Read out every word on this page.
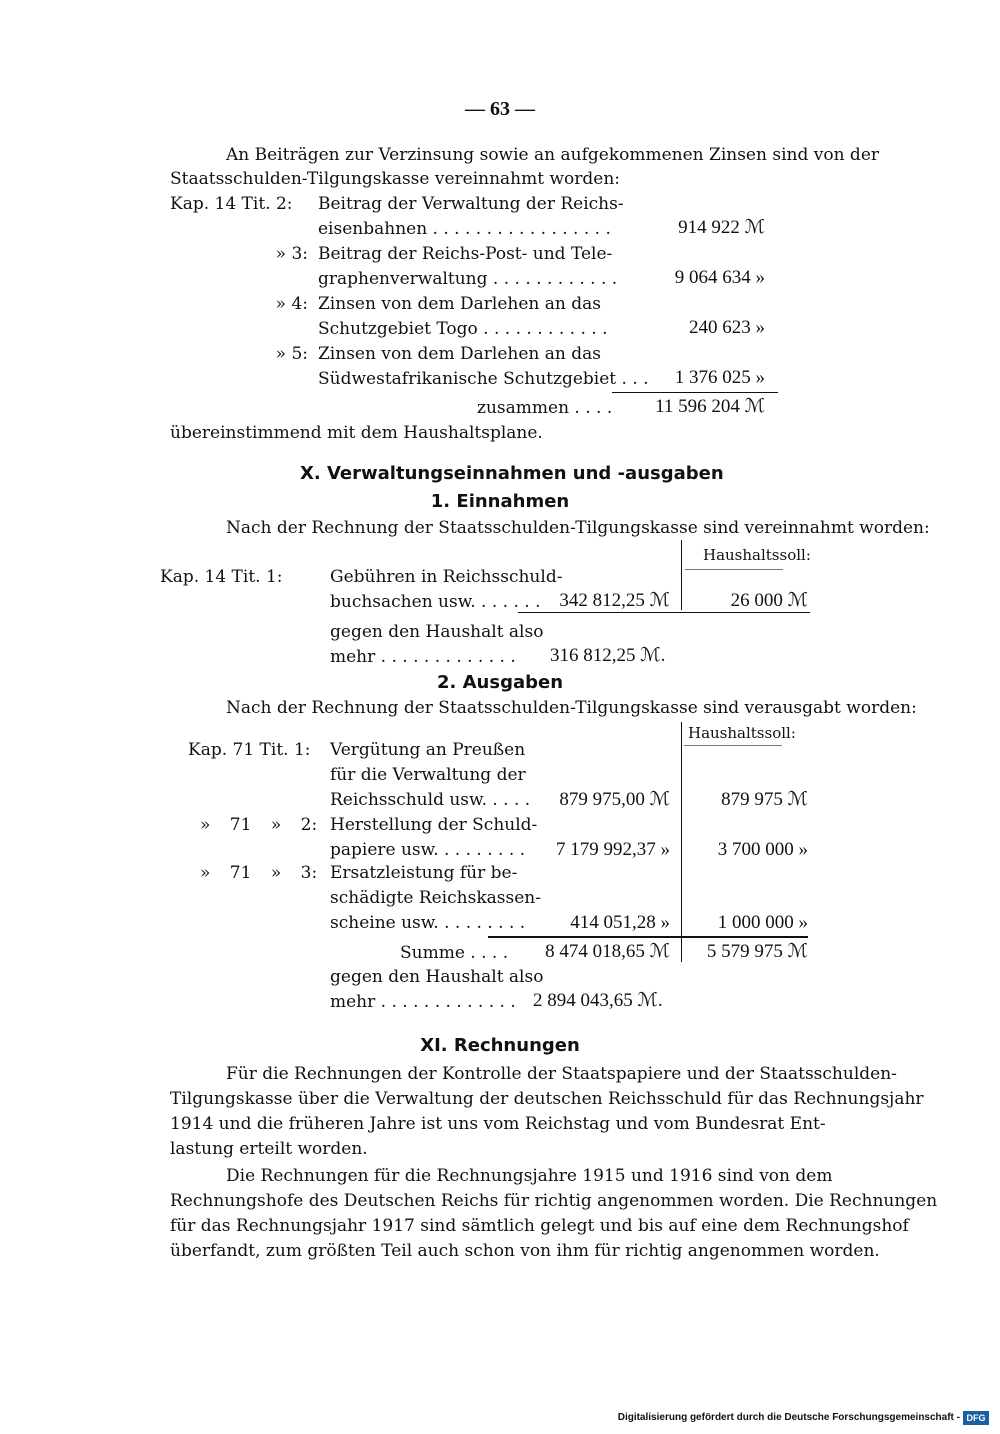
— 63 —
An Beiträgen zur Verzinsung sowie an aufgekommenen Zinsen sind von der
Staatsschulden-Tilgungskasse vereinnahmt worden:
Kap. 14 Tit. 2: Beitrag der Verwaltung der Reichs-
eisenbahnen . . . . . . . . . . . . . . . . .	914 922 ℳ
» 3: Beitrag der Reichs-Post- und Tele-
graphenverwaltung . . . . . . . . . . . .	9 064 634 »
» 4: Zinsen von dem Darlehen an das
Schutzgebiet Togo . . . . . . . . . . . .	240 623 »
» 5: Zinsen von dem Darlehen an das
Südwestafrikanische Schutzgebiet . . .	1 376 025 »
zusammen . . . .	11 596 204 ℳ
übereinstimmend mit dem Haushaltsplane.
X. Verwaltungseinnahmen und -ausgaben
1. Einnahmen
Nach der Rechnung der Staatsschulden-Tilgungskasse sind vereinnahmt worden:
Haushaltssoll:
Kap. 14 Tit. 1:	Gebühren in Reichsschuld-
buchsachen usw. . . . . . . 342 812,25 ℳ	26 000 ℳ
gegen den Haushalt also
mehr . . . . . . . . . . . . . 316 812,25 ℳ.
2. Ausgaben
Nach der Rechnung der Staatsschulden-Tilgungskasse sind verausgabt worden:
Haushaltssoll:
Kap. 71 Tit. 1: Vergütung an Preußen
für die Verwaltung der
Reichsschuld usw. . . . .	879 975,00 ℳ	879 975 ℳ
» 71 » 2: Herstellung der Schuld-
papiere usw. . . . . . . . .	7 179 992,37 »	3 700 000 »
» 71 » 3: Ersatzleistung für be-
schädigte Reichskassen-
scheine usw. . . . . . . . .	414 051,28 »	1 000 000 »
Summe . . . .	8 474 018,65 ℳ	5 579 975 ℳ
gegen den Haushalt also
mehr . . . . . . . . . . . . . 2 894 043,65 ℳ.
XI. Rechnungen
Für die Rechnungen der Kontrolle der Staatspapiere und der Staatsschulden-
Tilgungskasse über die Verwaltung der deutschen Reichsschuld für das Rechnungsjahr
1914 und die früheren Jahre ist uns vom Reichstag und vom Bundesrat Ent-
lastung erteilt worden.
Die Rechnungen für die Rechnungsjahre 1915 und 1916 sind von dem
Rechnungshofe des Deutschen Reichs für richtig angenommen worden. Die Rechnungen
für das Rechnungsjahr 1917 sind sämtlich gelegt und bis auf eine dem Rechnungshof
überfandt, zum größten Teil auch schon von ihm für richtig angenommen worden.
Digitalisierung gefördert durch die Deutsche Forschungsgemeinschaft - DFG
